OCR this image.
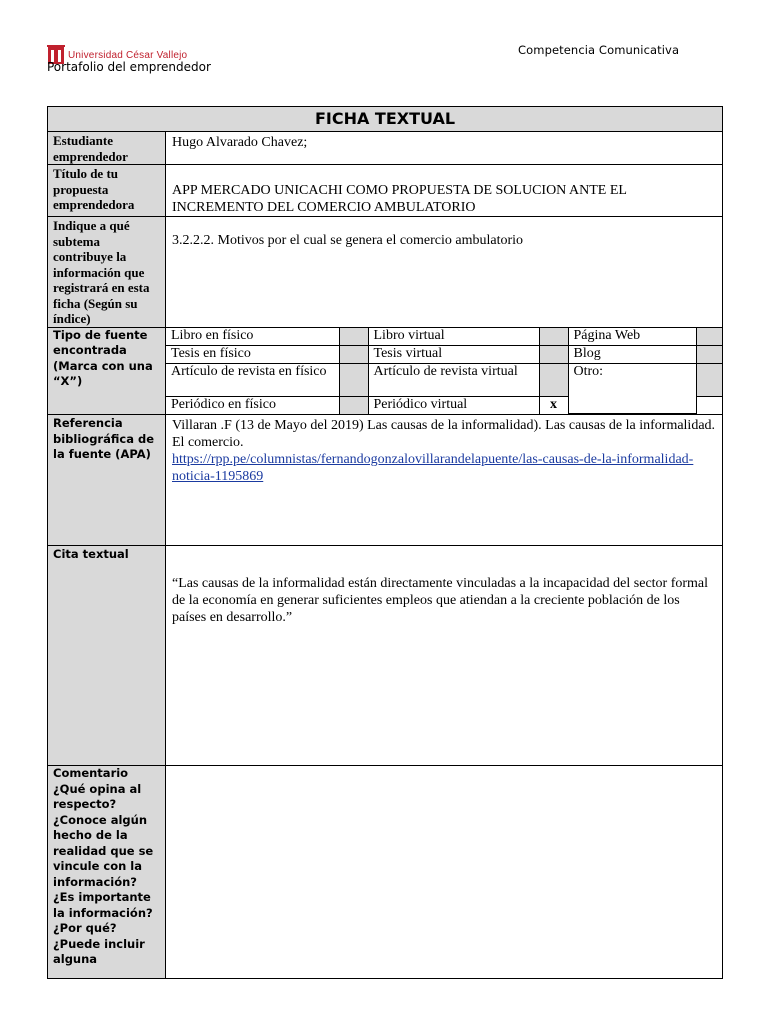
Universidad César Vallejo	Competencia Comunicativa
Portafolio del emprendedor
FICHA TEXTUAL
Estudiante emprendedor	Hugo Alvarado Chavez;
Título de tu propuesta emprendedora	APP MERCADO UNICACHI COMO PROPUESTA DE SOLUCION ANTE EL INCREMENTO DEL COMERCIO AMBULATORIO
Indique a qué subtema contribuye la información que registrará en esta ficha (Según su índice)	3.2.2.2. Motivos por el cual se genera el comercio ambulatorio
Tipo de fuente encontrada (Marca con una “X”)	
Libro en físico		Libro virtual		Página Web	
Tesis en físico		Tesis virtual		Blog	
Artículo de revista en físico		Artículo de revista virtual		Otro:	
Periódico en físico		Periódico virtual	x	

Referencia bibliográfica de la fuente (APA)	Villaran .F (13 de Mayo del 2019) Las causas de la informalidad). Las causas de la informalidad. El comercio.
https://rpp.pe/columnistas/fernandogonzalovillarandelapuente/las-causas-de-la-informalidad-noticia-1195869
Cita textual	“Las causas de la informalidad están directamente vinculadas a la incapacidad del sector formal de la economía en generar suficientes empleos que atiendan a la creciente población de los países en desarrollo.”
Comentario ¿Qué opina al respecto? ¿Conoce algún hecho de la realidad que se vincule con la información? ¿Es importante la información? ¿Por qué? ¿Puede incluir alguna	
